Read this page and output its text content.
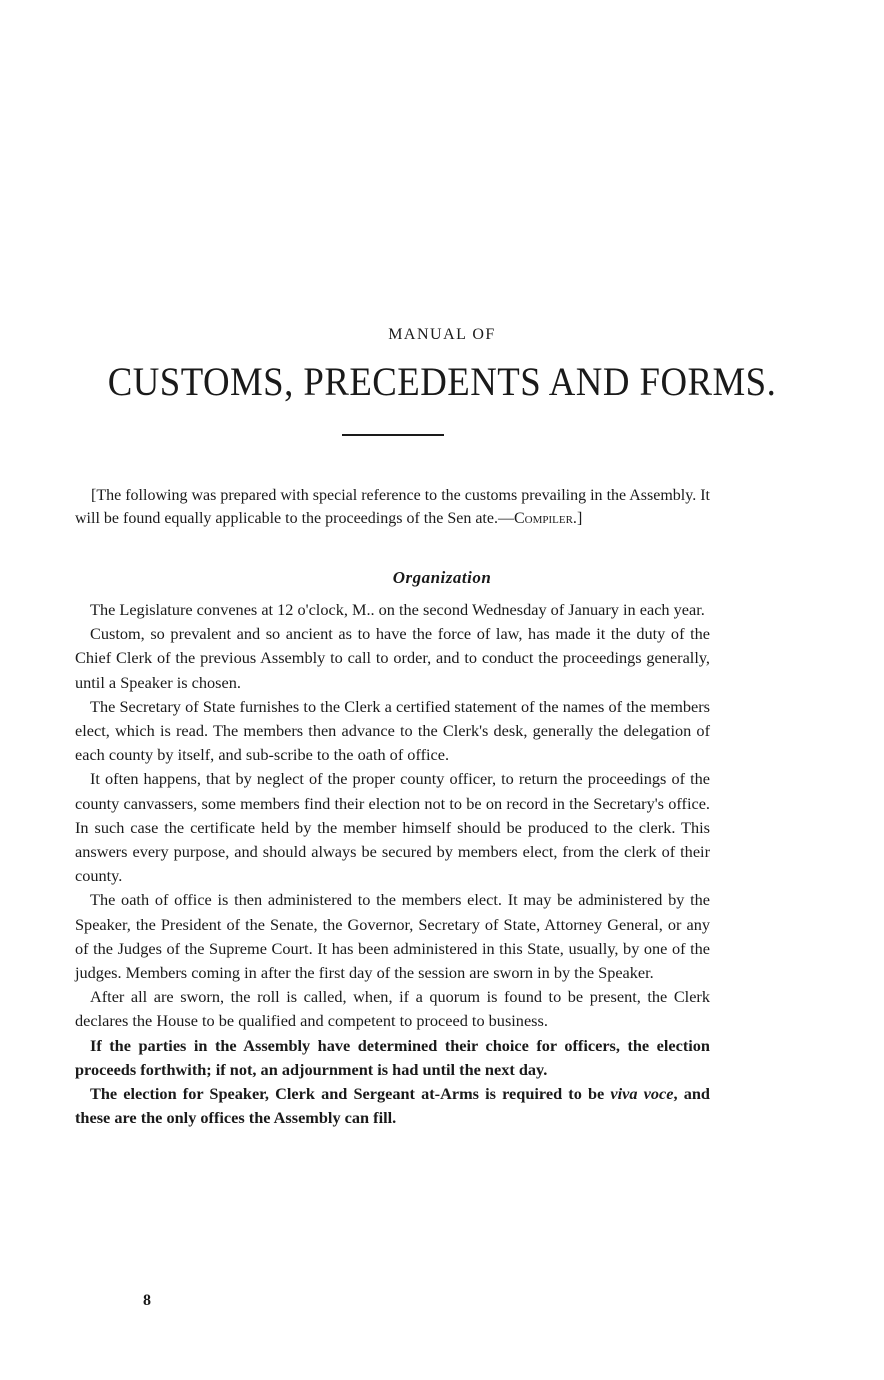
MANUAL OF
CUSTOMS, PRECEDENTS AND FORMS.
[The following was prepared with special reference to the customs prevailing in the Assembly. It will be found equally applicable to the proceedings of the Sen ate.—Compiler.]
Organization

The Legislature convenes at 12 o'clock, M.. on the second Wednesday of January in each year.

Custom, so prevalent and so ancient as to have the force of law, has made it the duty of the Chief Clerk of the previous Assembly to call to order, and to conduct the proceedings generally, until a Speaker is chosen.

The Secretary of State furnishes to the Clerk a certified statement of the names of the members elect, which is read. The members then advance to the Clerk's desk, generally the delegation of each county by itself, and sub-scribe to the oath of office.

It often happens, that by neglect of the proper county officer, to return the proceedings of the county canvassers, some members find their election not to be on record in the Secretary's office. In such case the certificate held by the member himself should be produced to the clerk. This answers every purpose, and should always be secured by members elect, from the clerk of their county.

The oath of office is then administered to the members elect. It may be administered by the Speaker, the President of the Senate, the Governor, Secretary of State, Attorney General, or any of the Judges of the Supreme Court. It has been administered in this State, usually, by one of the judges. Members coming in after the first day of the session are sworn in by the Speaker.

After all are sworn, the roll is called, when, if a quorum is found to be present, the Clerk declares the House to be qualified and competent to proceed to business.

If the parties in the Assembly have determined their choice for officers, the election proceeds forthwith; if not, an adjournment is had until the next day.

The election for Speaker, Clerk and Sergeant at-Arms is required to be viva voce, and these are the only offices the Assembly can fill.

8
